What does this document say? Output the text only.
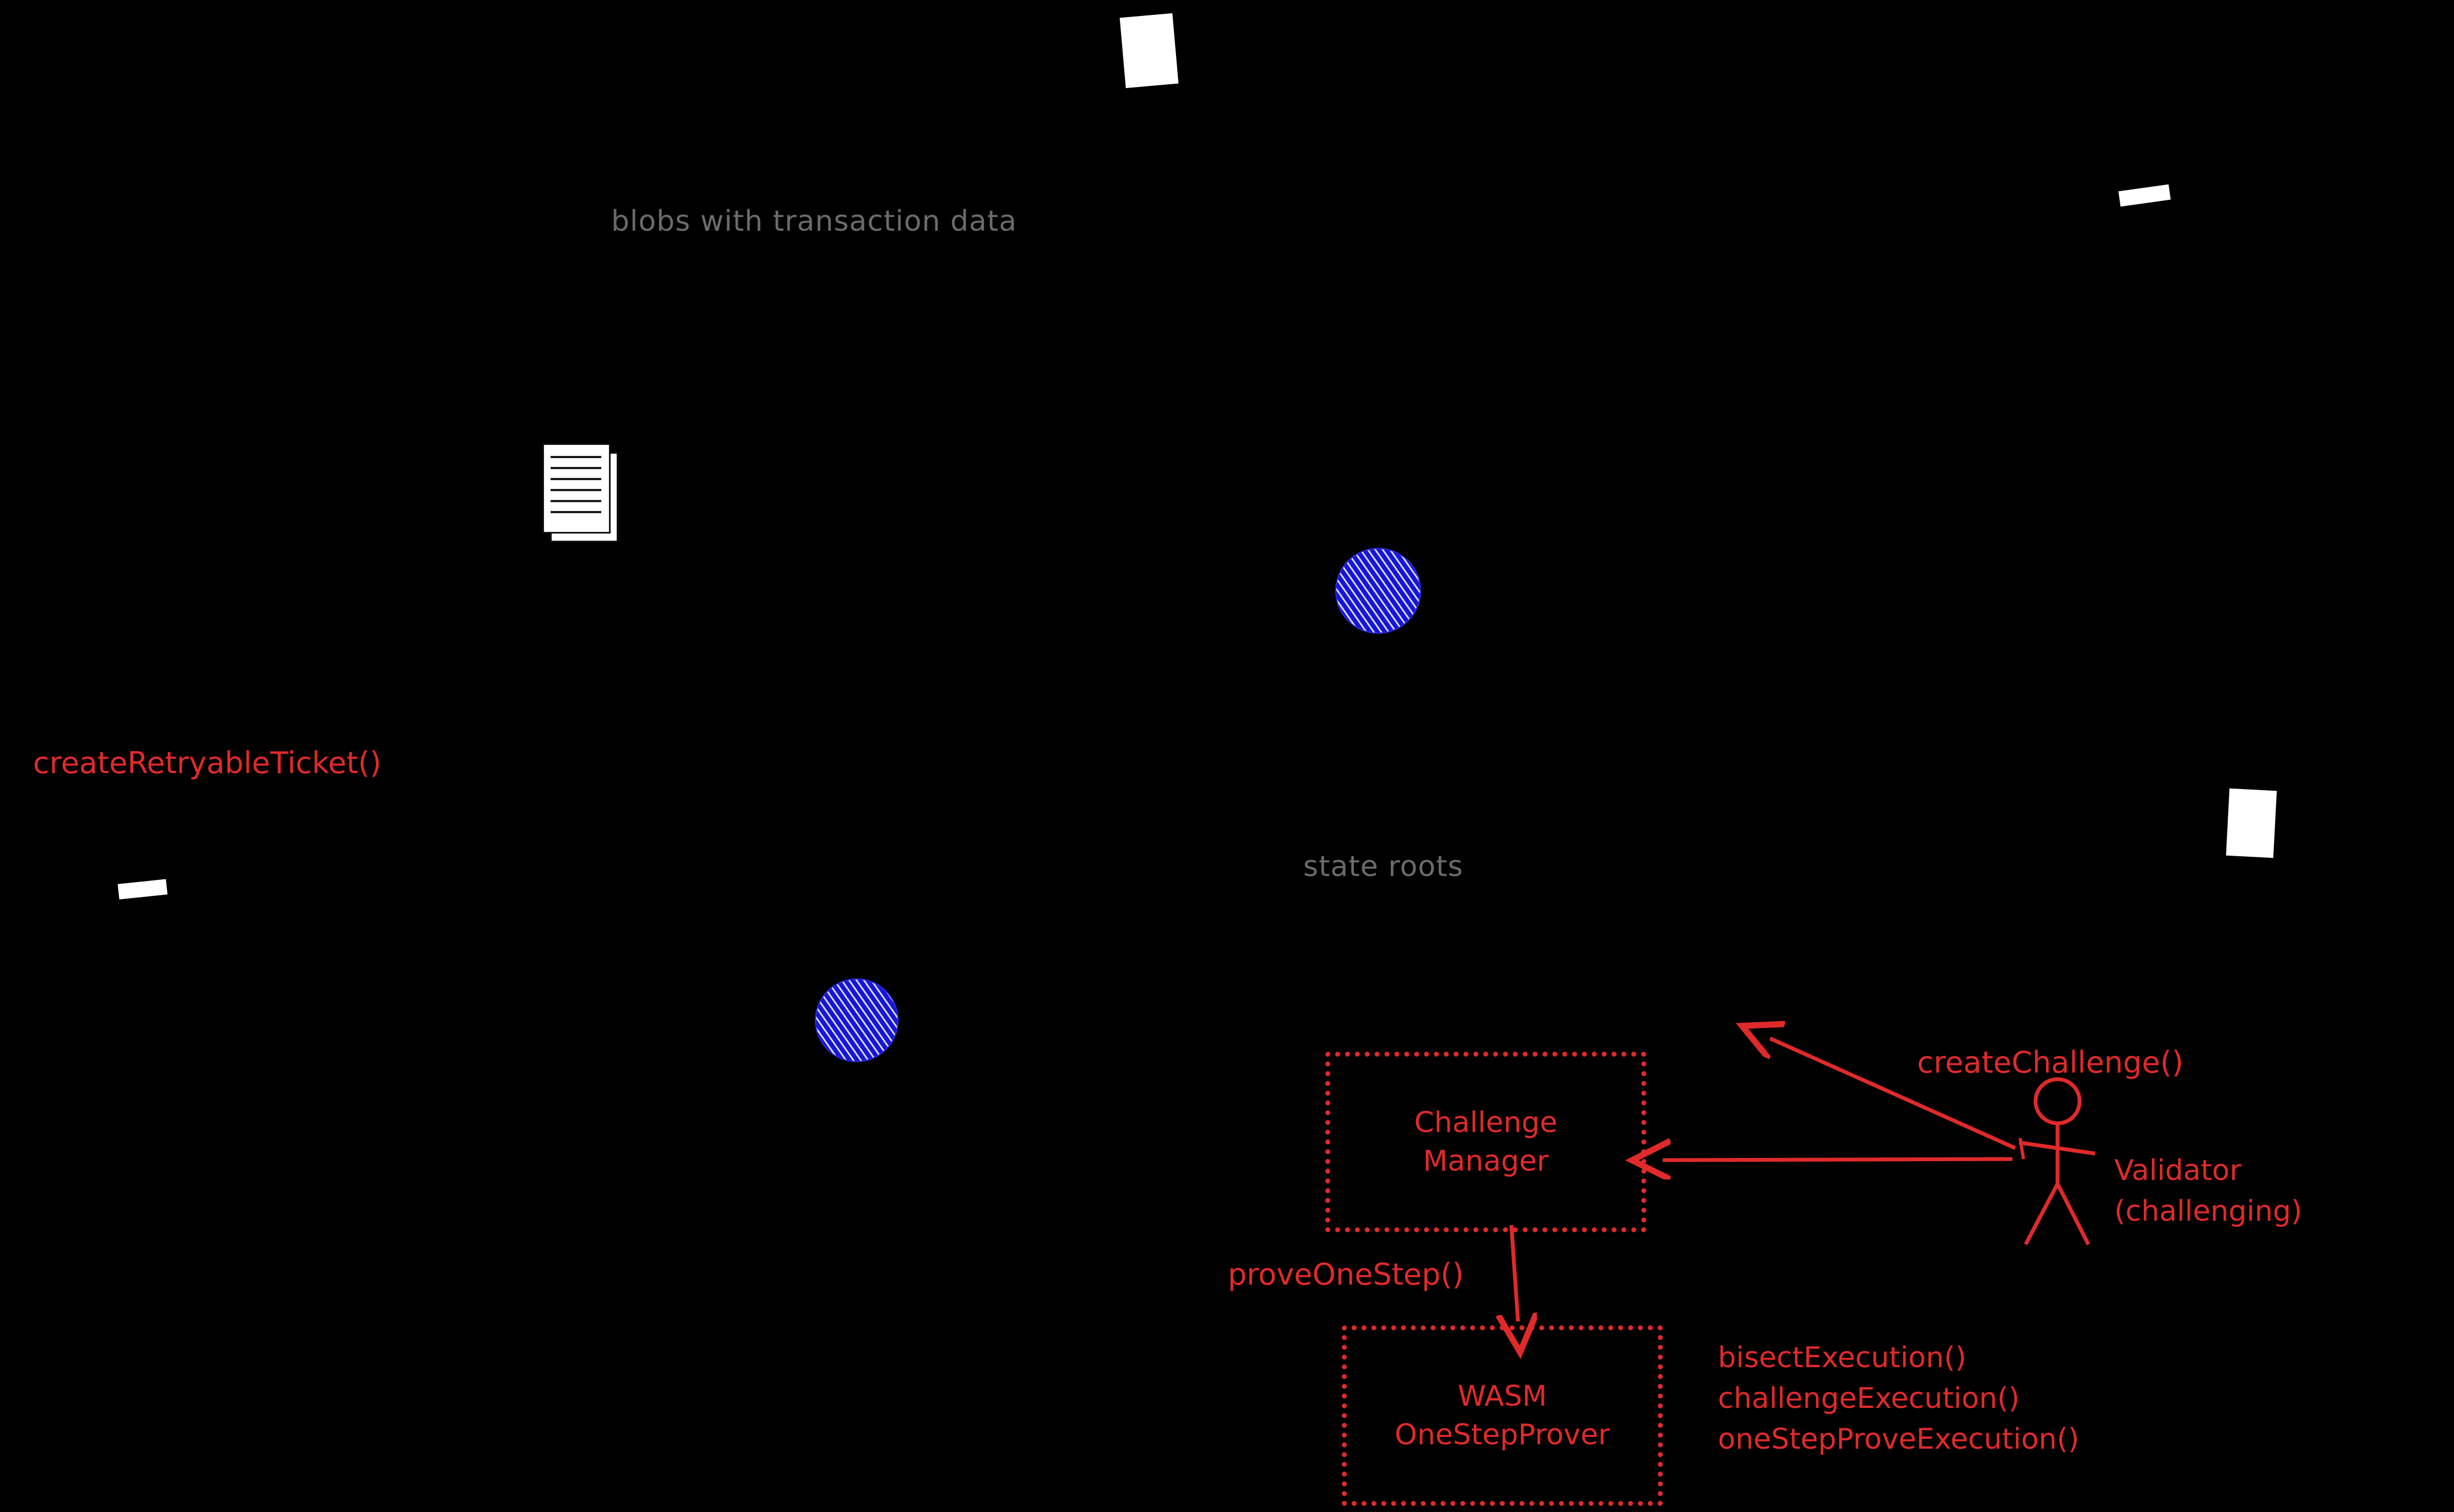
blobs with transaction data
state roots
createRetryableTicket()
createChallenge()
proveOneStep()
Challenge
Manager
WASM
OneStepProver
Validator
(challenging)
bisectExecution()
challengeExecution()
oneStepProveExecution()
